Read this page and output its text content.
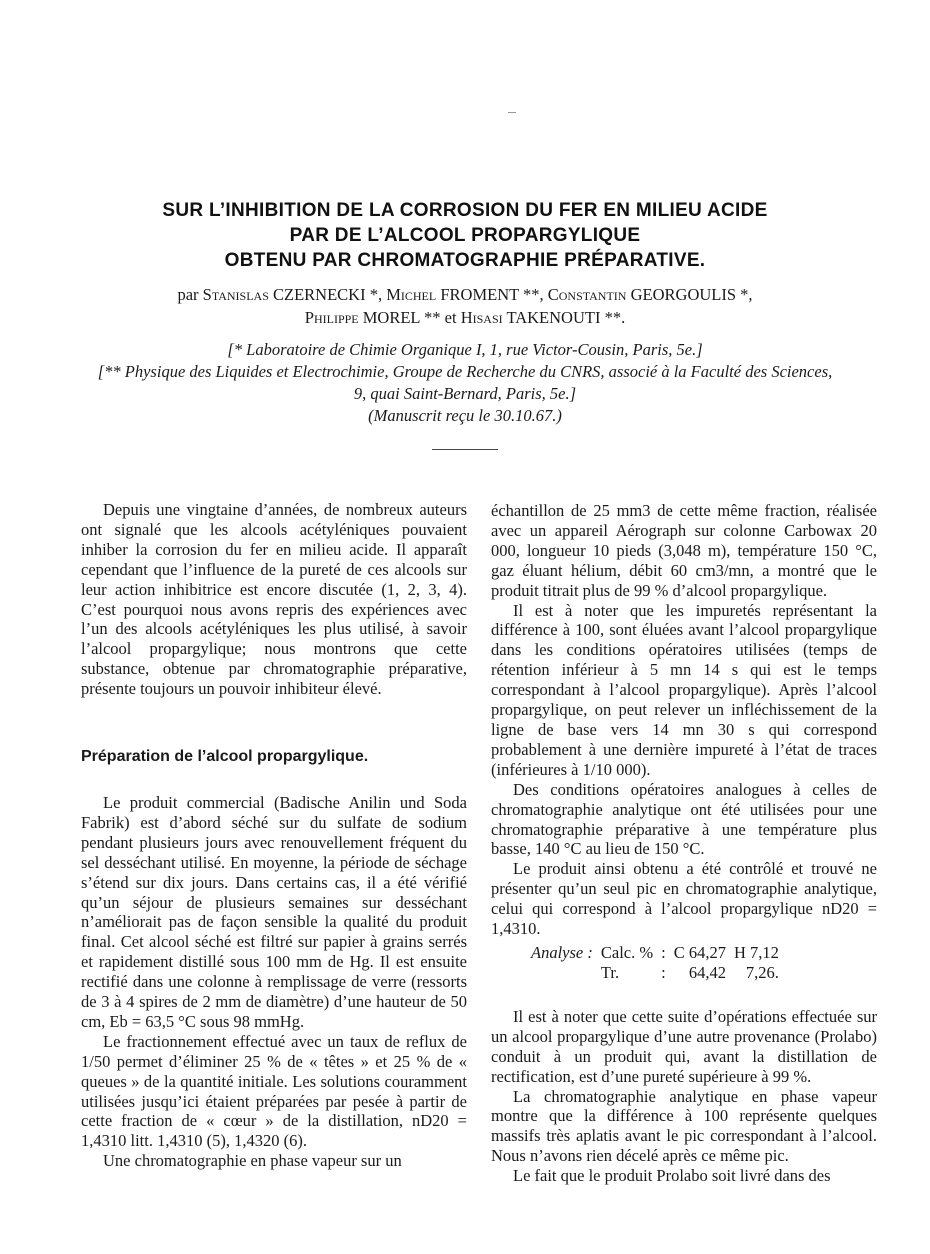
SUR L’INHIBITION DE LA CORROSION DU FER EN MILIEU ACIDE

PAR DE L’ALCOOL PROPARGYLIQUE

OBTENU PAR CHROMATOGRAPHIE PRÉPARATIVE.

par Stanislas CZERNECKI *, Michel FROMENT **, Constantin GEORGOULIS *,
Philippe MOREL ** et Hisasi TAKENOUTI **.
[* Laboratoire de Chimie Organique I, 1, rue Victor-Cousin, Paris, 5e.]
[** Physique des Liquides et Electrochimie, Groupe de Recherche du CNRS, associé à la Faculté des Sciences,
9, quai Saint-Bernard, Paris, 5e.]
(Manuscrit reçu le 30.10.67.)

Depuis une vingtaine d’années, de nombreux auteurs ont signalé que les alcools acétyléniques pouvaient inhiber la corrosion du fer en milieu acide. Il apparaît cependant que l’influence de la pureté de ces alcools sur leur action inhibitrice est encore discutée (1, 2, 3, 4). C’est pourquoi nous avons repris des expériences avec l’un des alcools acétyléniques les plus utilisé, à savoir l’alcool propargylique; nous montrons que cette substance, obtenue par chromatographie préparative, présente toujours un pouvoir inhibiteur élevé.

Préparation de l’alcool propargylique.

Le produit commercial (Badische Anilin und Soda Fabrik) est d’abord séché sur du sulfate de sodium pendant plusieurs jours avec renouvellement fréquent du sel desséchant utilisé. En moyenne, la période de séchage s’étend sur dix jours. Dans certains cas, il a été vérifié qu’un séjour de plusieurs semaines sur desséchant n’améliorait pas de façon sensible la qualité du produit final. Cet alcool séché est filtré sur papier à grains serrés et rapidement distillé sous 100 mm de Hg. Il est ensuite rectifié dans une colonne à remplissage de verre (ressorts de 3 à 4 spires de 2 mm de diamètre) d’une hauteur de 50 cm, Eb = 63,5 °C sous 98 mmHg.

Le fractionnement effectué avec un taux de reflux de 1/50 permet d’éliminer 25 % de « têtes » et 25 % de « queues » de la quantité initiale. Les solutions couramment utilisées jusqu’ici étaient préparées par pesée à partir de cette fraction de « cœur » de la distillation, nD20 = 1,4310 litt. 1,4310 (5), 1,4320 (6).

Une chromatographie en phase vapeur sur un

échantillon de 25 mm3 de cette même fraction, réalisée avec un appareil Aérograph sur colonne Carbowax 20 000, longueur 10 pieds (3,048 m), température 150 °C, gaz éluant hélium, débit 60 cm3/mn, a montré que le produit titrait plus de 99 % d’alcool propargylique.

Il est à noter que les impuretés représentant la différence à 100, sont éluées avant l’alcool propargylique dans les conditions opératoires utilisées (temps de rétention inférieur à 5 mn 14 s qui est le temps correspondant à l’alcool propargylique). Après l’alcool propargylique, on peut relever un infléchissement de la ligne de base vers 14 mn 30 s qui correspond probablement à une dernière impureté à l’état de traces (inférieures à 1/10 000).

Des conditions opératoires analogues à celles de chromatographie analytique ont été utilisées pour une chromatographie préparative à une température plus basse, 140 °C au lieu de 150 °C.

Le produit ainsi obtenu a été contrôlé et trouvé ne présenter qu’un seul pic en chromatographie analytique, celui qui correspond à l’alcool propargylique nD20 = 1,4310.

Analyse :	Calc. %	:	C 64,27	H 7,12
	Tr.	:	64,42	7,26.

Il est à noter que cette suite d’opérations effectuée sur un alcool propargylique d’une autre provenance (Prolabo) conduit à un produit qui, avant la distillation de rectification, est d’une pureté supérieure à 99 %.

La chromatographie analytique en phase vapeur montre que la différence à 100 représente quelques massifs très aplatis avant le pic correspondant à l’alcool. Nous n’avons rien décelé après ce même pic.

Le fait que le produit Prolabo soit livré dans des
